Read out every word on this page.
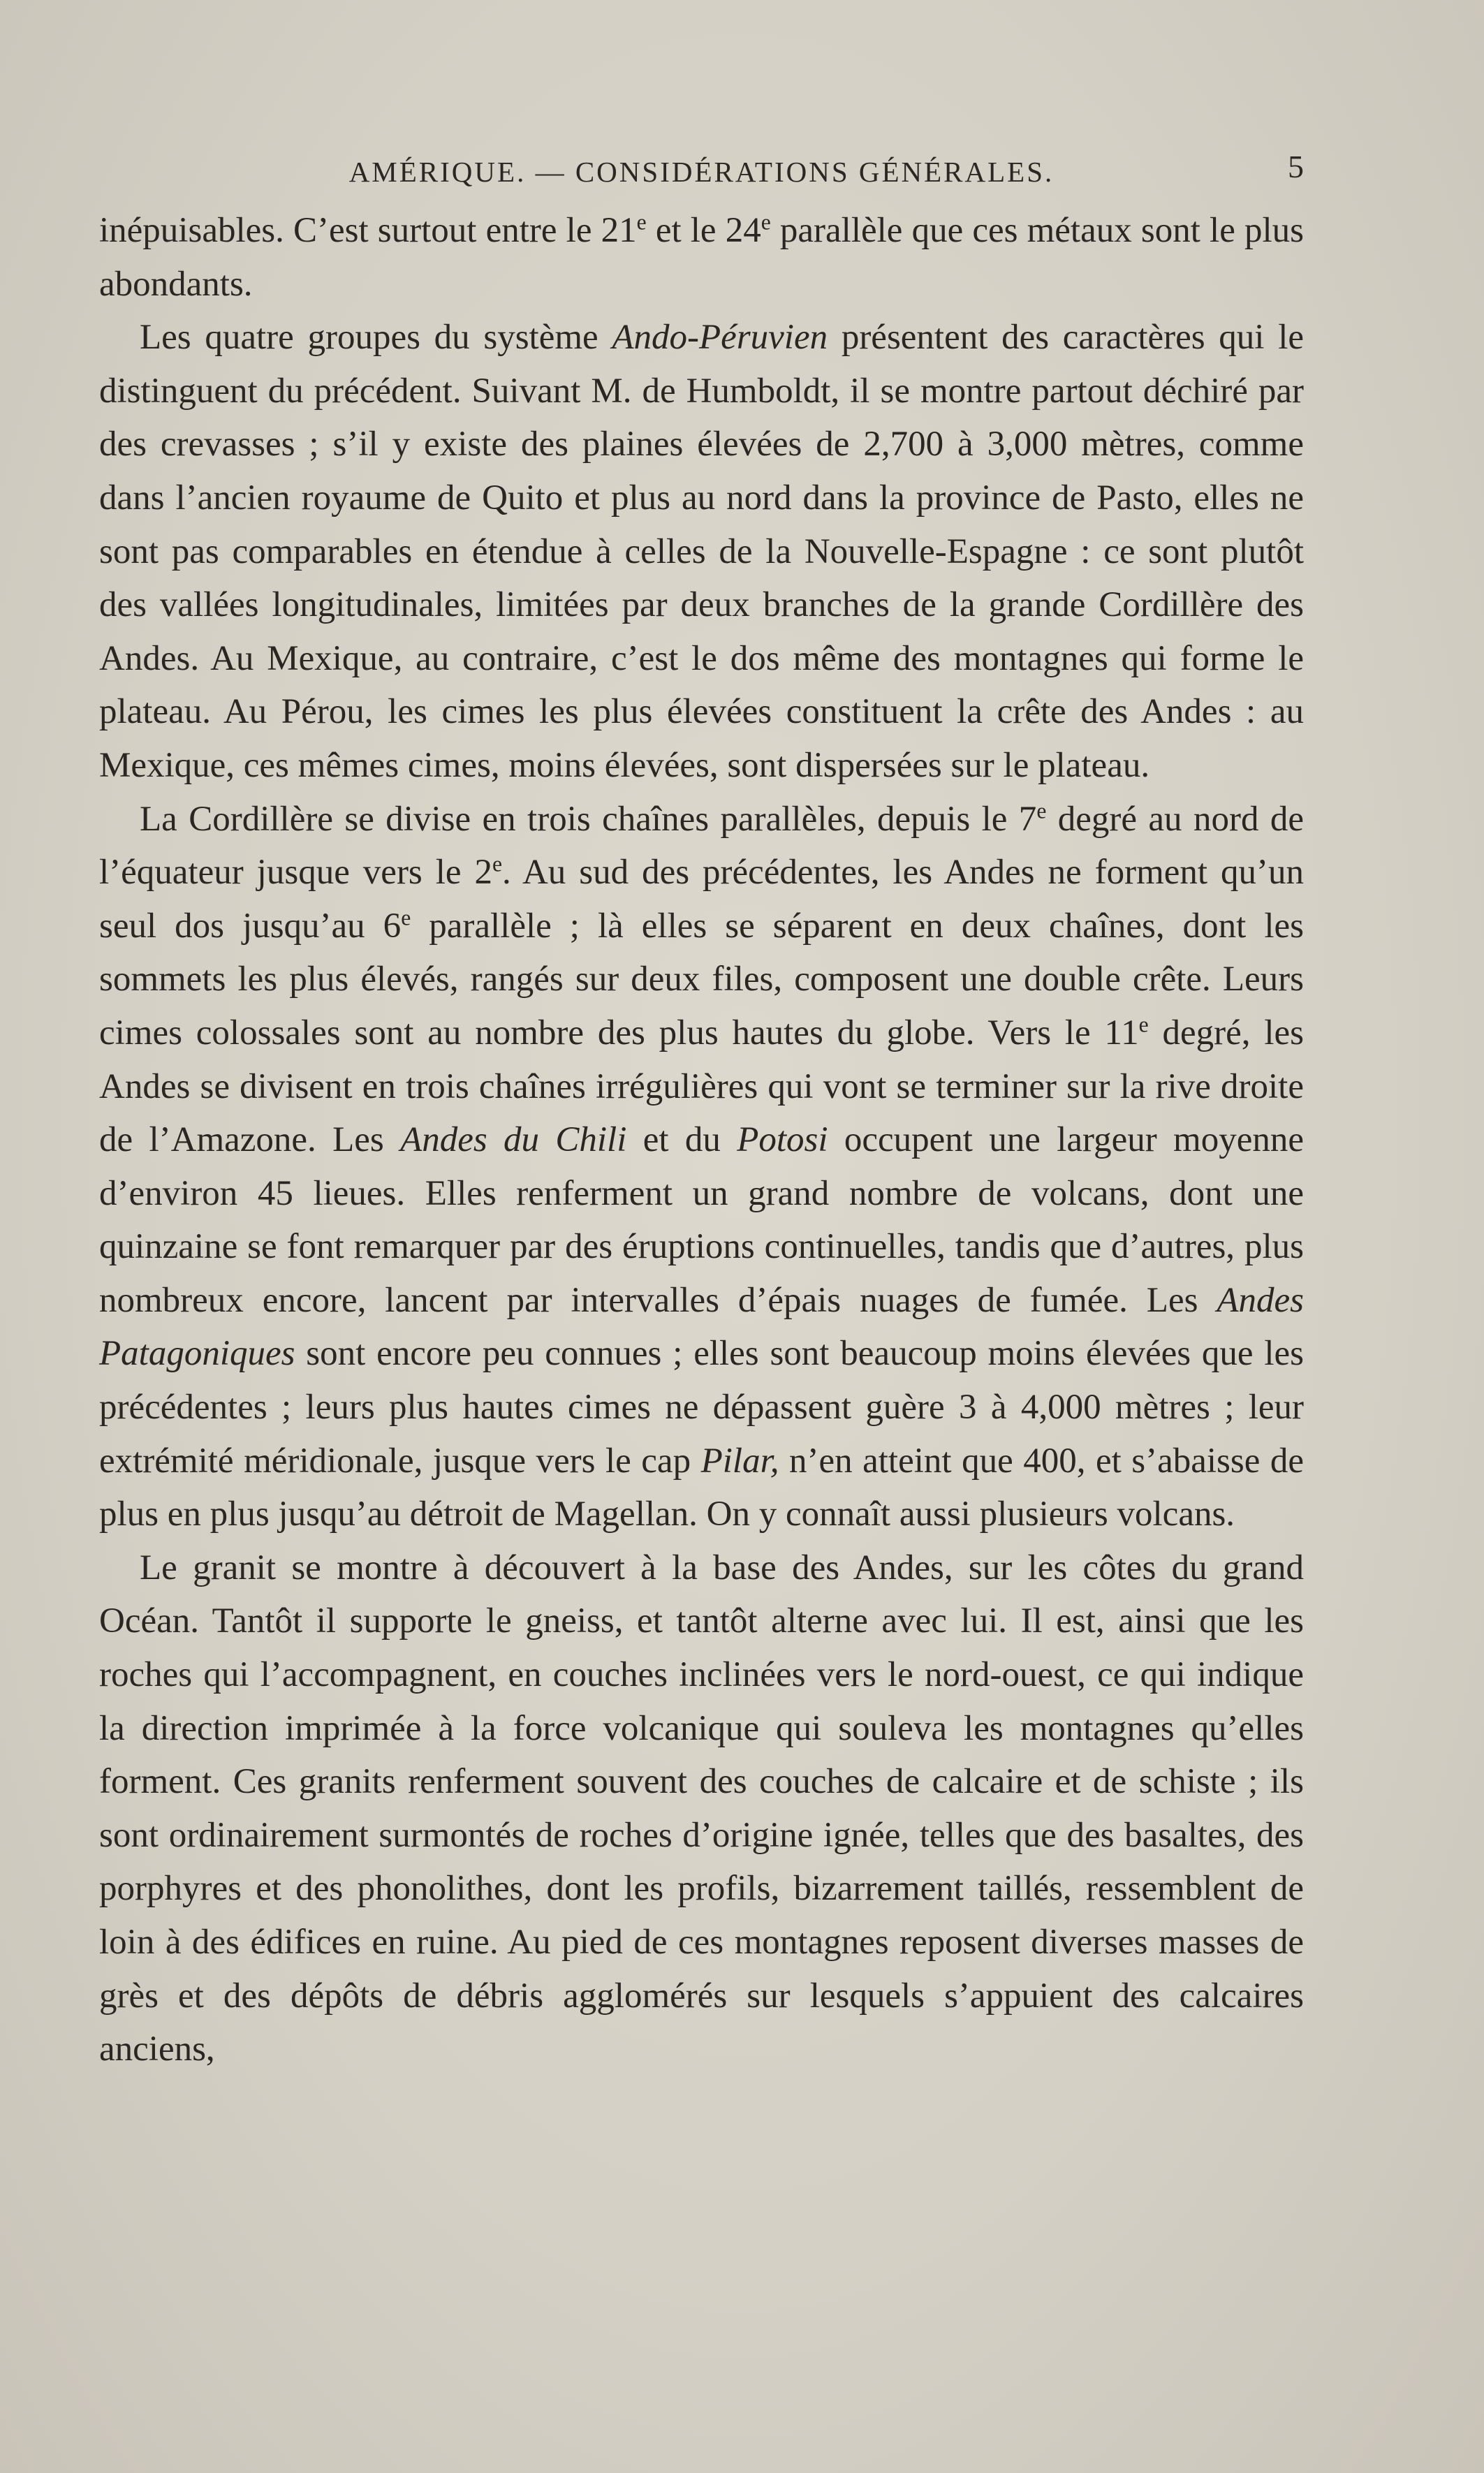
AMÉRIQUE. — CONSIDÉRATIONS GÉNÉRALES.	5

inépuisables. C’est surtout entre le 21e et le 24e parallèle que ces métaux sont le plus abondants.

Les quatre groupes du système Ando-Péruvien présentent des caractères qui le distinguent du précédent. Suivant M. de Humboldt, il se montre partout déchiré par des crevasses ; s’il y existe des plaines élevées de 2,700 à 3,000 mètres, comme dans l’ancien royaume de Quito et plus au nord dans la province de Pasto, elles ne sont pas comparables en étendue à celles de la Nouvelle-Espagne : ce sont plutôt des vallées longitudinales, limitées par deux branches de la grande Cordillère des Andes. Au Mexique, au contraire, c’est le dos même des montagnes qui forme le plateau. Au Pérou, les cimes les plus élevées constituent la crête des Andes : au Mexique, ces mêmes cimes, moins élevées, sont dispersées sur le plateau.

La Cordillère se divise en trois chaînes parallèles, depuis le 7e degré au nord de l’équateur jusque vers le 2e. Au sud des précédentes, les Andes ne forment qu’un seul dos jusqu’au 6e parallèle ; là elles se séparent en deux chaînes, dont les sommets les plus élevés, rangés sur deux files, composent une double crête. Leurs cimes colossales sont au nombre des plus hautes du globe. Vers le 11e degré, les Andes se divisent en trois chaînes irrégulières qui vont se terminer sur la rive droite de l’Amazone. Les Andes du Chili et du Potosi occupent une largeur moyenne d’environ 45 lieues. Elles renferment un grand nombre de volcans, dont une quinzaine se font remarquer par des éruptions continuelles, tandis que d’autres, plus nombreux encore, lancent par intervalles d’épais nuages de fumée. Les Andes Patagoniques sont encore peu connues ; elles sont beaucoup moins élevées que les précédentes ; leurs plus hautes cimes ne dépassent guère 3 à 4,000 mètres ; leur extrémité méridionale, jusque vers le cap Pilar, n’en atteint que 400, et s’abaisse de plus en plus jusqu’au détroit de Magellan. On y connaît aussi plusieurs volcans.

Le granit se montre à découvert à la base des Andes, sur les côtes du grand Océan. Tantôt il supporte le gneiss, et tantôt alterne avec lui. Il est, ainsi que les roches qui l’accompagnent, en couches inclinées vers le nord-ouest, ce qui indique la direction imprimée à la force volcanique qui souleva les montagnes qu’elles forment. Ces granits renferment souvent des couches de calcaire et de schiste ; ils sont ordinairement surmontés de roches d’origine ignée, telles que des basaltes, des porphyres et des phonolithes, dont les profils, bizarrement taillés, ressemblent de loin à des édifices en ruine. Au pied de ces montagnes reposent diverses masses de grès et des dépôts de débris agglomérés sur lesquels s’appuient des calcaires anciens,
